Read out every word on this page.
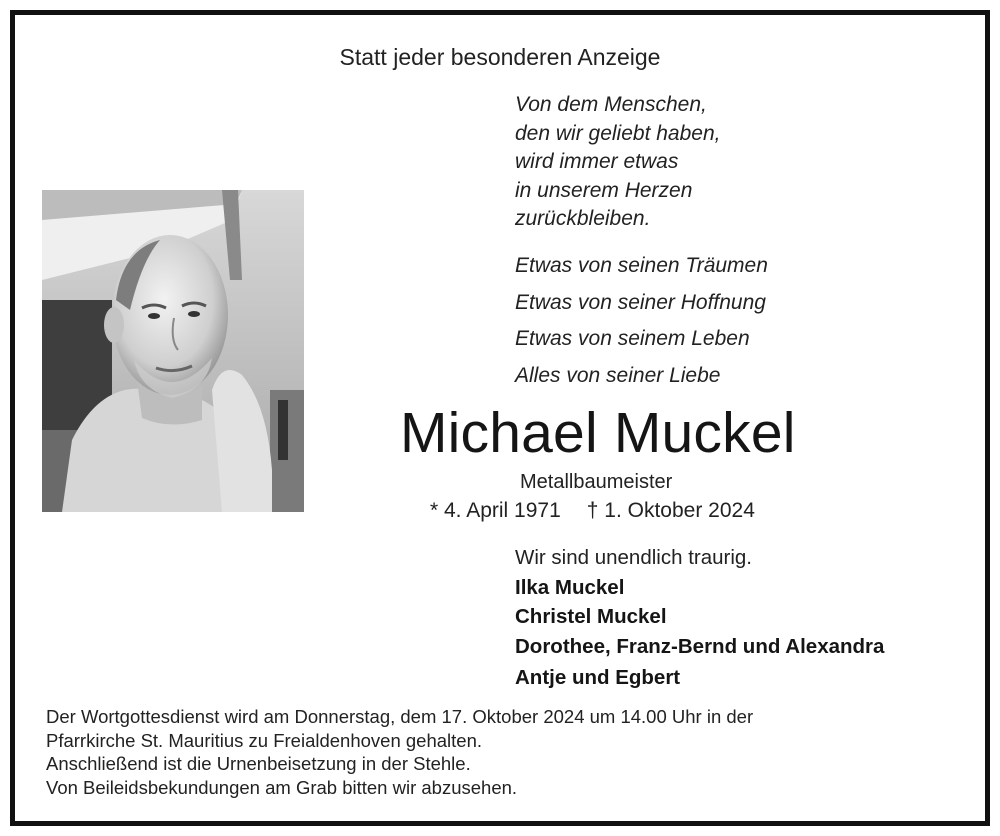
Statt jeder besonderen Anzeige
Von dem Menschen,
den wir geliebt haben,
wird immer etwas
in unserem Herzen
zurückbleiben.
Etwas von seinen Träumen
Etwas von seiner Hoffnung
Etwas von seinem Leben
Alles von seiner Liebe
Michael Muckel
Metallbaumeister
* 4. April 1971 † 1. Oktober 2024
Wir sind unendlich traurig.
Ilka Muckel
Christel Muckel
Dorothee, Franz-Bernd und Alexandra
Antje und Egbert
Der Wortgottesdienst wird am Donnerstag, dem 17. Oktober 2024 um 14.00 Uhr in der
Pfarrkirche St. Mauritius zu Freialdenhoven gehalten.
Anschließend ist die Urnenbeisetzung in der Stehle.
Von Beileidsbekundungen am Grab bitten wir abzusehen.
